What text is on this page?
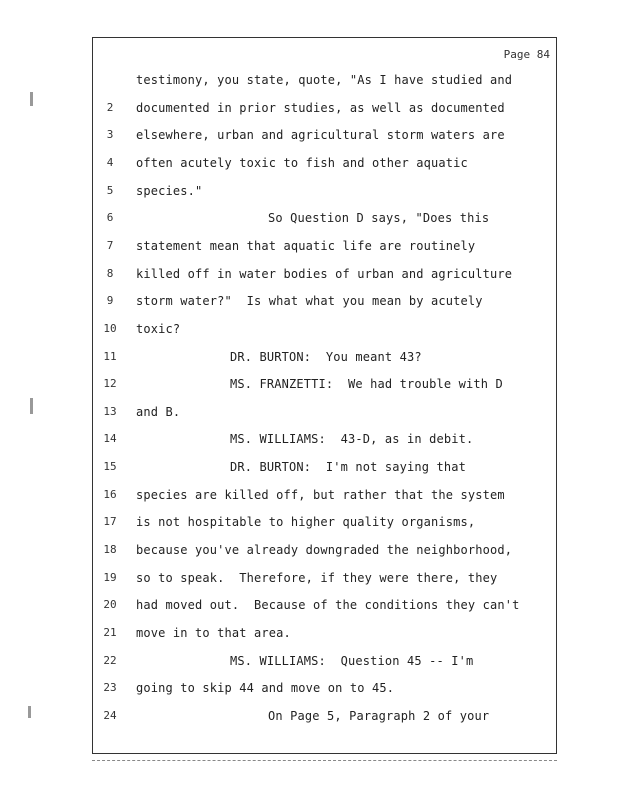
Page 84
testimony, you state, quote, "As I have studied and
2	documented in prior studies, as well as documented
3	elsewhere, urban and agricultural storm waters are
4	often acutely toxic to fish and other aquatic
5	species."
6	So Question D says, "Does this
7	statement mean that aquatic life are routinely
8	killed off in water bodies of urban and agriculture
9	storm water?"  Is what what you mean by acutely
10	toxic?
11	DR. BURTON:  You meant 43?
12	MS. FRANZETTI:  We had trouble with D
13	and B.
14	MS. WILLIAMS:  43-D, as in debit.
15	DR. BURTON:  I'm not saying that
16	species are killed off, but rather that the system
17	is not hospitable to higher quality organisms,
18	because you've already downgraded the neighborhood,
19	so to speak.  Therefore, if they were there, they
20	had moved out.  Because of the conditions they can't
21	move in to that area.
22	MS. WILLIAMS:  Question 45 -- I'm
23	going to skip 44 and move on to 45.
24	On Page 5, Paragraph 2 of your
